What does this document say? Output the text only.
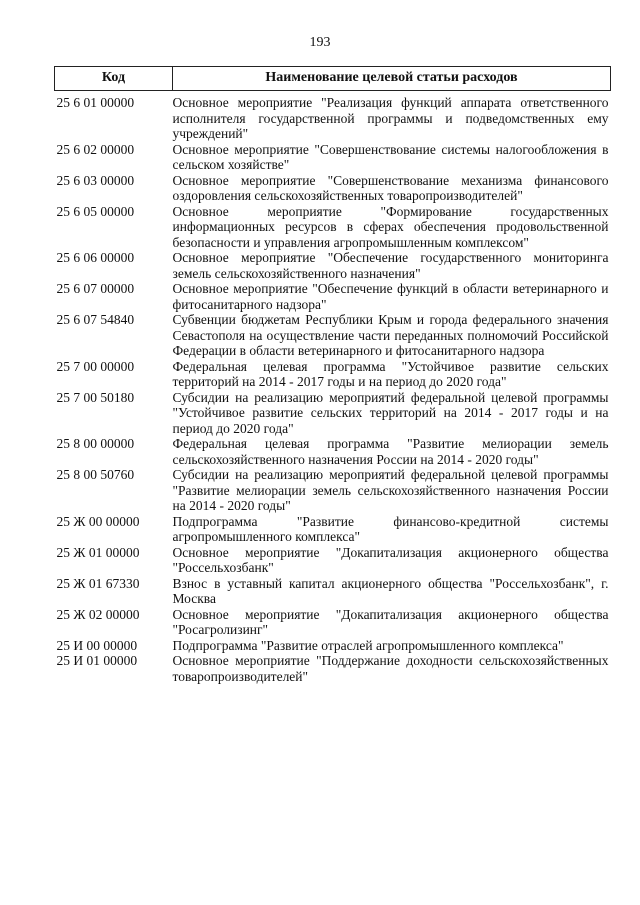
193
Код	Наименование целевой статьи расходов

25 6 01 00000	Основное мероприятие "Реализация функций аппарата ответственного исполнителя государственной программы и подведомственных ему учреждений"
25 6 02 00000	Основное мероприятие "Совершенствование системы налогообложения в сельском хозяйстве"
25 6 03 00000	Основное мероприятие "Совершенствование механизма финансового оздоровления сельскохозяйственных товаропроизводителей"
25 6 05 00000	Основное мероприятие "Формирование государственных информационных ресурсов в сферах обеспечения продовольственной безопасности и управления агропромышленным комплексом"
25 6 06 00000	Основное мероприятие "Обеспечение государственного мониторинга земель сельскохозяйственного назначения"
25 6 07 00000	Основное мероприятие "Обеспечение функций в области ветеринарного и фитосанитарного надзора"
25 6 07 54840	Субвенции бюджетам Республики Крым и города федерального значения Севастополя на осуществление части переданных полномочий Российской Федерации в области ветеринарного и фитосанитарного надзора
25 7 00 00000	Федеральная целевая программа "Устойчивое развитие сельских территорий на 2014 - 2017 годы и на период до 2020 года"
25 7 00 50180	Субсидии на реализацию мероприятий федеральной целевой программы "Устойчивое развитие сельских территорий на 2014 - 2017 годы и на период до 2020 года"
25 8 00 00000	Федеральная целевая программа "Развитие мелиорации земель сельскохозяйственного назначения России на 2014 - 2020 годы"
25 8 00 50760	Субсидии на реализацию мероприятий федеральной целевой программы "Развитие мелиорации земель сельскохозяйственного назначения России на 2014 - 2020 годы"
25 Ж 00 00000	Подпрограмма "Развитие финансово-кредитной системы агропромышленного комплекса"
25 Ж 01 00000	Основное мероприятие "Докапитализация акционерного общества "Россельхозбанк"
25 Ж 01 67330	Взнос в уставный капитал акционерного общества "Россельхозбанк", г. Москва
25 Ж 02 00000	Основное мероприятие "Докапитализация акционерного общества "Росагролизинг"
25 И 00 00000	Подпрограмма "Развитие отраслей агропромышленного комплекса"
25 И 01 00000	Основное мероприятие "Поддержание доходности сельскохозяйственных товаропроизводителей"
